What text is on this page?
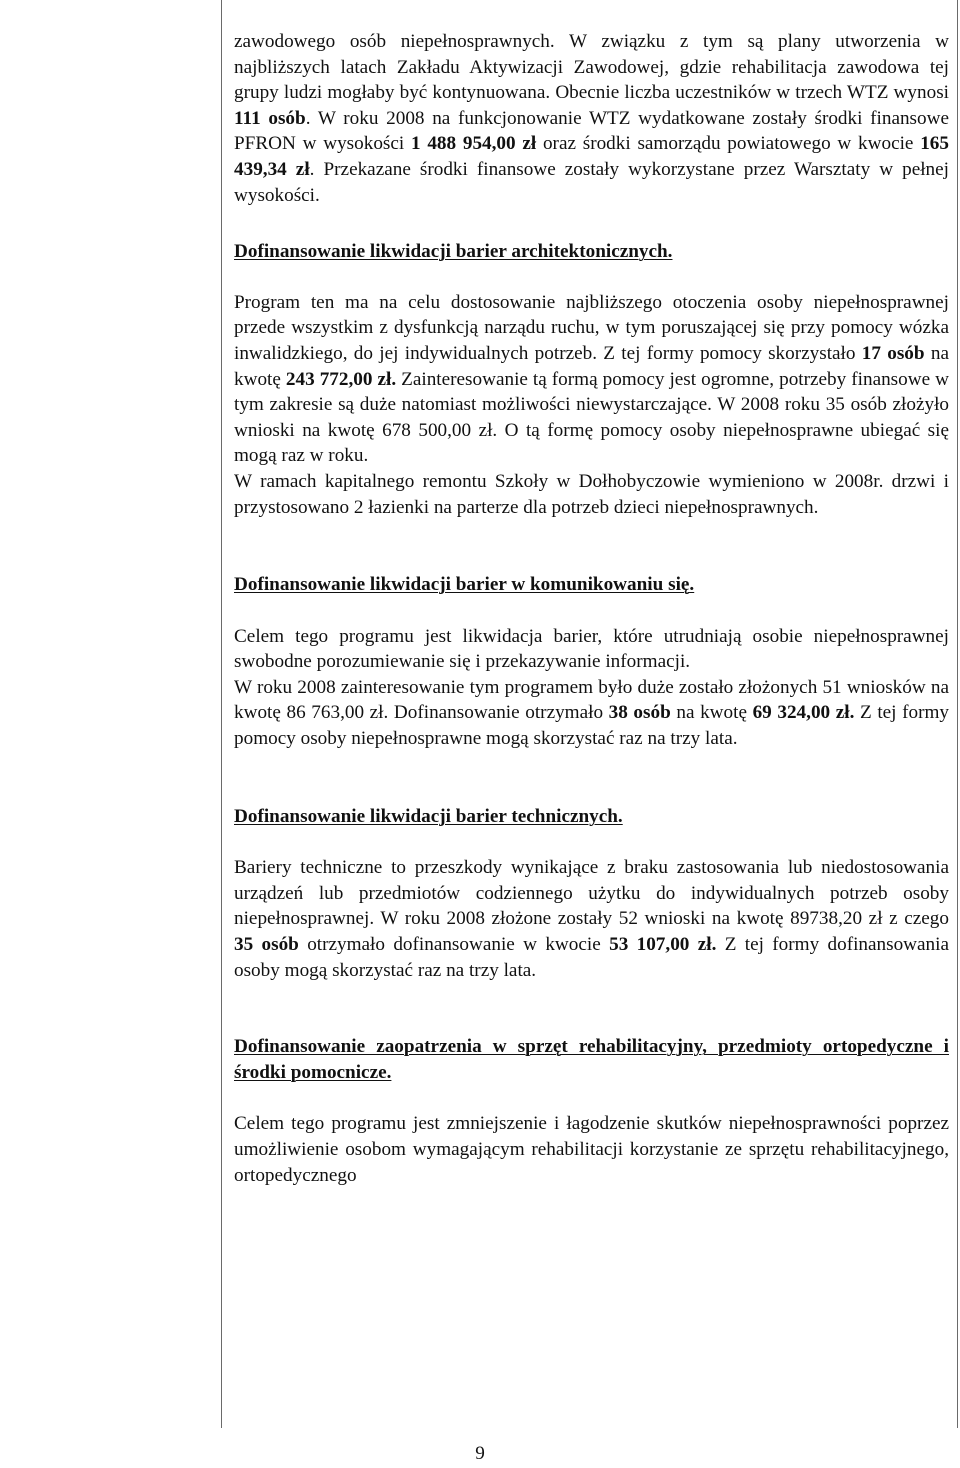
zawodowego osób niepełnosprawnych. W związku z tym są plany utworzenia w najbliższych latach Zakładu Aktywizacji Zawodowej, gdzie rehabilitacja zawodowa tej grupy ludzi mogłaby być kontynuowana. Obecnie liczba uczestników w trzech WTZ wynosi 111 osób. W roku 2008 na funkcjonowanie WTZ wydatkowane zostały środki finansowe PFRON w wysokości 1 488 954,00 zł oraz środki samorządu powiatowego w kwocie 165 439,34 zł. Przekazane środki finansowe zostały wykorzystane przez Warsztaty w pełnej wysokości.

Dofinansowanie likwidacji barier architektonicznych.

Program ten ma na celu dostosowanie najbliższego otoczenia osoby niepełnosprawnej przede wszystkim z dysfunkcją narządu ruchu, w tym poruszającej się przy pomocy wózka inwalidzkiego, do jej indywidualnych potrzeb. Z tej formy pomocy skorzystało 17 osób na kwotę 243 772,00 zł. Zainteresowanie tą formą pomocy jest ogromne, potrzeby finansowe w tym zakresie są duże natomiast możliwości niewystarczające. W 2008 roku 35 osób złożyło wnioski na kwotę 678 500,00 zł. O tą formę pomocy osoby niepełnosprawne ubiegać się mogą raz w roku.

W ramach kapitalnego remontu Szkoły w Dołhobyczowie wymieniono w 2008r. drzwi i przystosowano 2 łazienki na parterze dla potrzeb dzieci niepełnosprawnych.

Dofinansowanie likwidacji barier w komunikowaniu się.

Celem tego programu jest likwidacja barier, które utrudniają osobie niepełnosprawnej swobodne porozumiewanie się i przekazywanie informacji.

W roku 2008 zainteresowanie tym programem było duże zostało złożonych 51 wniosków na kwotę 86 763,00 zł. Dofinansowanie otrzymało 38 osób na kwotę 69 324,00 zł. Z tej formy pomocy osoby niepełnosprawne mogą skorzystać raz na trzy lata.

Dofinansowanie likwidacji barier technicznych.

Bariery techniczne to przeszkody wynikające z braku zastosowania lub niedostosowania urządzeń lub przedmiotów codziennego użytku do indywidualnych potrzeb osoby niepełnosprawnej. W roku 2008 złożone zostały 52 wnioski na kwotę 89738,20 zł z czego 35 osób otrzymało dofinansowanie w kwocie 53 107,00 zł. Z tej formy dofinansowania osoby mogą skorzystać raz na trzy lata.

Dofinansowanie zaopatrzenia w sprzęt rehabilitacyjny, przedmioty ortopedyczne i środki pomocnicze.

Celem tego programu jest zmniejszenie i łagodzenie skutków niepełnosprawności poprzez umożliwienie osobom wymagającym rehabilitacji korzystanie ze sprzętu rehabilitacyjnego, ortopedycznego

9
